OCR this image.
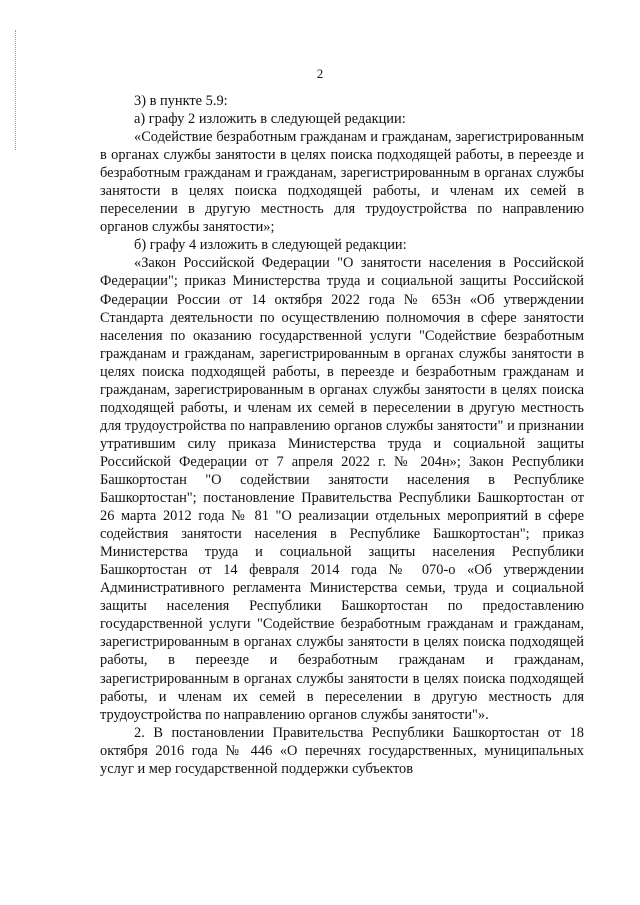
2

3) в пункте 5.9:

а) графу 2 изложить в следующей редакции:

«Содействие безработным гражданам и гражданам, зарегистрированным в органах службы занятости в целях поиска подходящей работы, в переезде и безработным гражданам и гражданам, зарегистрированным в органах службы занятости в целях поиска подходящей работы, и членам их семей в переселении в другую местность для трудоустройства по направлению органов службы занятости»;

б) графу 4 изложить в следующей редакции:

«Закон Российской Федерации "О занятости населения в Российской Федерации"; приказ Министерства труда и социальной защиты Российской Федерации России от 14 октября 2022 года № 653н «Об утверждении Стандарта деятельности по осуществлению полномочия в сфере занятости населения по оказанию государственной услуги "Содействие безработным гражданам и гражданам, зарегистрированным в органах службы занятости в целях поиска подходящей работы, в переезде и безработным гражданам и гражданам, зарегистрированным в органах службы занятости в целях поиска подходящей работы, и членам их семей в переселении в другую местность для трудоустройства по направлению органов службы занятости" и признании утратившим силу приказа Министерства труда и социальной защиты Российской Федерации от 7 апреля 2022 г. № 204н»; Закон Республики Башкортостан "О содействии занятости населения в Республике Башкортостан"; постановление Правительства Республики Башкортостан от 26 марта 2012 года № 81 "О реализации отдельных мероприятий в сфере содействия занятости населения в Республике Башкортостан"; приказ Министерства труда и социальной защиты населения Республики Башкортостан от 14 февраля 2014 года № 070-о «Об утверждении Административного регламента Министерства семьи, труда и социальной защиты населения Республики Башкортостан по предоставлению государственной услуги "Содействие безработным гражданам и гражданам, зарегистрированным в органах службы занятости в целях поиска подходящей работы, в переезде и безработным гражданам и гражданам, зарегистрированным в органах службы занятости в целях поиска подходящей работы, и членам их семей в переселении в другую местность для трудоустройства по направлению органов службы занятости"».

2. В постановлении Правительства Республики Башкортостан от 18 октября 2016 года № 446 «О перечнях государственных, муниципальных услуг и мер государственной поддержки субъектов
